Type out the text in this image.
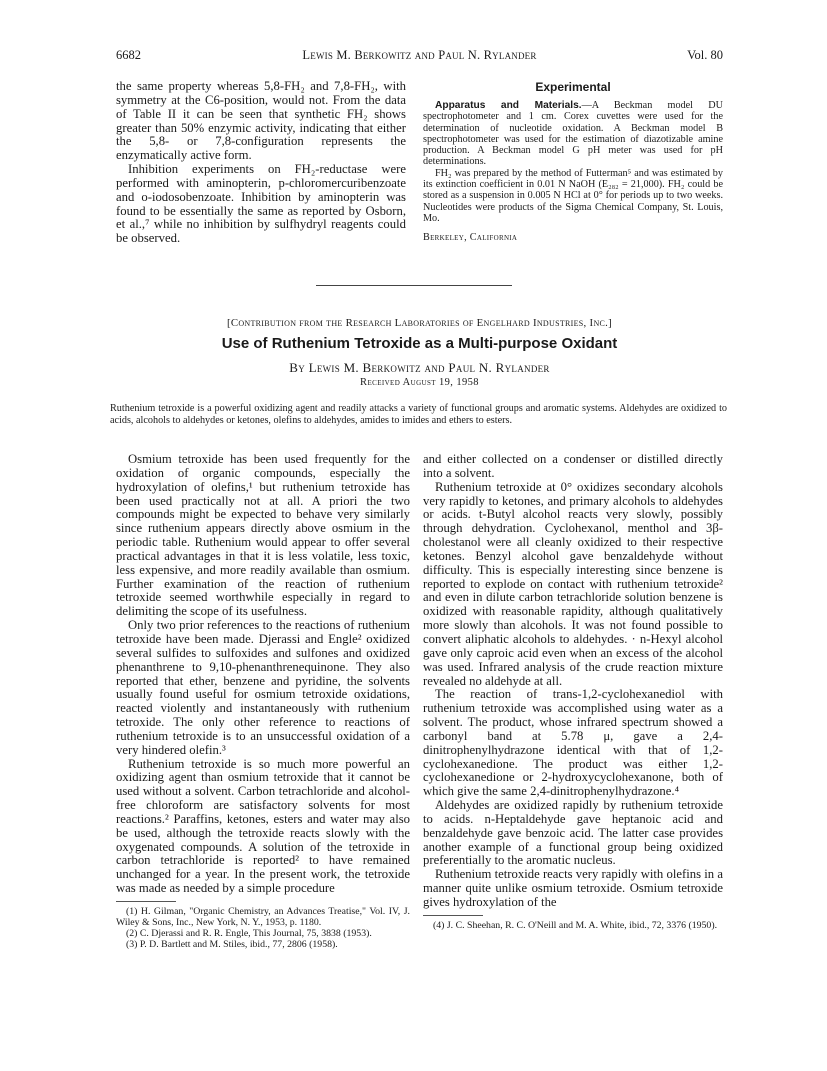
6682	Lewis M. Berkowitz and Paul N. Rylander	Vol. 80

the same property whereas 5,8-FH₂ and 7,8-FH₂, with symmetry at the C6-position, would not. From the data of Table II it can be seen that synthetic FH₂ shows greater than 50% enzymic activity, indicating that either the 5,8- or 7,8-configuration represents the enzymatically active form.

Inhibition experiments on FH₂-reductase were performed with aminopterin, p-chloromercuribenzoate and o-iodosobenzoate. Inhibition by aminopterin was found to be essentially the same as reported by Osborn, et al.,⁷ while no inhibition by sulfhydryl reagents could be observed.

Experimental

Apparatus and Materials.—A Beckman model DU spectrophotometer and 1 cm. Corex cuvettes were used for the determination of nucleotide oxidation. A Beckman model B spectrophotometer was used for the estimation of diazotizable amine production. A Beckman model G pH meter was used for pH determinations.

FH₂ was prepared by the method of Futterman⁵ and was estimated by its extinction coefficient in 0.01 N NaOH (E₂₈₂ = 21,000). FH₂ could be stored as a suspension in 0.005 N HCl at 0° for periods up to two weeks. Nucleotides were products of the Sigma Chemical Company, St. Louis, Mo.

Berkeley, California
[Contribution from the Research Laboratories of Engelhard Industries, Inc.]
Use of Ruthenium Tetroxide as a Multi-purpose Oxidant
By Lewis M. Berkowitz and Paul N. Rylander
Received August 19, 1958
Ruthenium tetroxide is a powerful oxidizing agent and readily attacks a variety of functional groups and aromatic systems. Aldehydes are oxidized to acids, alcohols to aldehydes or ketones, olefins to aldehydes, amides to imides and ethers to esters.

Osmium tetroxide has been used frequently for the oxidation of organic compounds, especially the hydroxylation of olefins,¹ but ruthenium tetroxide has been used practically not at all. A priori the two compounds might be expected to behave very similarly since ruthenium appears directly above osmium in the periodic table. Ruthenium would appear to offer several practical advantages in that it is less volatile, less toxic, less expensive, and more readily available than osmium. Further examination of the reaction of ruthenium tetroxide seemed worthwhile especially in regard to delimiting the scope of its usefulness.

Only two prior references to the reactions of ruthenium tetroxide have been made. Djerassi and Engle² oxidized several sulfides to sulfoxides and sulfones and oxidized phenanthrene to 9,10-phenanthrenequinone. They also reported that ether, benzene and pyridine, the solvents usually found useful for osmium tetroxide oxidations, reacted violently and instantaneously with ruthenium tetroxide. The only other reference to reactions of ruthenium tetroxide is to an unsuccessful oxidation of a very hindered olefin.³

Ruthenium tetroxide is so much more powerful an oxidizing agent than osmium tetroxide that it cannot be used without a solvent. Carbon tetrachloride and alcohol-free chloroform are satisfactory solvents for most reactions.² Paraffins, ketones, esters and water may also be used, although the tetroxide reacts slowly with the oxygenated compounds. A solution of the tetroxide in carbon tetrachloride is reported² to have remained unchanged for a year. In the present work, the tetroxide was made as needed by a simple procedure

(1) H. Gilman, "Organic Chemistry, an Advances Treatise," Vol. IV, J. Wiley & Sons, Inc., New York, N. Y., 1953, p. 1180.

(2) C. Djerassi and R. R. Engle, This Journal, 75, 3838 (1953).

(3) P. D. Bartlett and M. Stiles, ibid., 77, 2806 (1958).

and either collected on a condenser or distilled directly into a solvent.

Ruthenium tetroxide at 0° oxidizes secondary alcohols very rapidly to ketones, and primary alcohols to aldehydes or acids. t-Butyl alcohol reacts very slowly, possibly through dehydration. Cyclohexanol, menthol and 3β-cholestanol were all cleanly oxidized to their respective ketones. Benzyl alcohol gave benzaldehyde without difficulty. This is especially interesting since benzene is reported to explode on contact with ruthenium tetroxide² and even in dilute carbon tetrachloride solution benzene is oxidized with reasonable rapidity, although qualitatively more slowly than alcohols. It was not found possible to convert aliphatic alcohols to aldehydes. · n-Hexyl alcohol gave only caproic acid even when an excess of the alcohol was used. Infrared analysis of the crude reaction mixture revealed no aldehyde at all.

The reaction of trans-1,2-cyclohexanediol with ruthenium tetroxide was accomplished using water as a solvent. The product, whose infrared spectrum showed a carbonyl band at 5.78 μ, gave a 2,4-dinitrophenylhydrazone identical with that of 1,2-cyclohexanedione. The product was either 1,2-cyclohexanedione or 2-hydroxycyclohexanone, both of which give the same 2,4-dinitrophenylhydrazone.⁴

Aldehydes are oxidized rapidly by ruthenium tetroxide to acids. n-Heptaldehyde gave heptanoic acid and benzaldehyde gave benzoic acid. The latter case provides another example of a functional group being oxidized preferentially to the aromatic nucleus.

Ruthenium tetroxide reacts very rapidly with olefins in a manner quite unlike osmium tetroxide. Osmium tetroxide gives hydroxylation of the

(4) J. C. Sheehan, R. C. O'Neill and M. A. White, ibid., 72, 3376 (1950).
